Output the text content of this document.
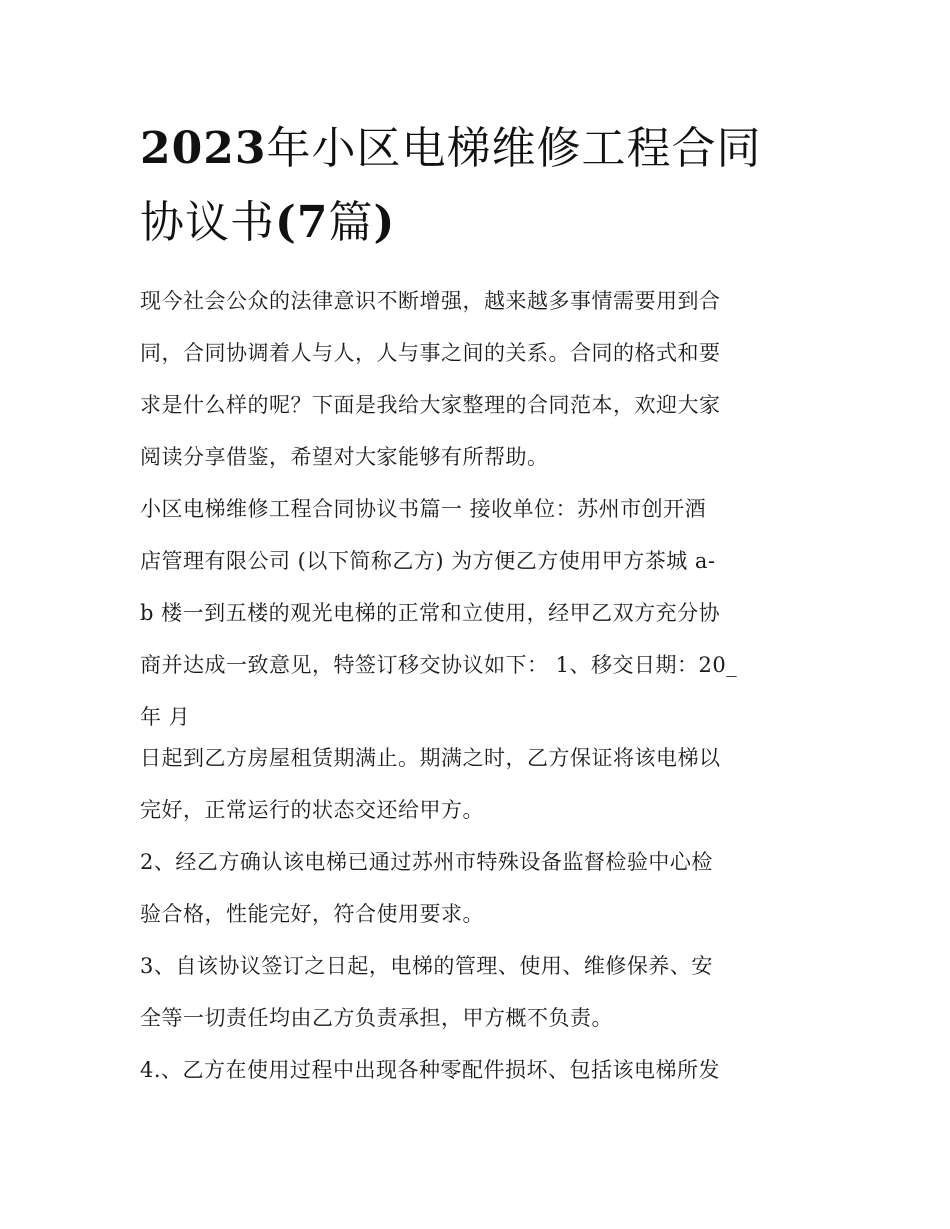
2023年小区电梯维修工程合同
协议书(7篇)
现今社会公众的法律意识不断增强，越来越多事情需要用到合
同，合同协调着人与人，人与事之间的关系。合同的格式和要
求是什么样的呢？下面是我给大家整理的合同范本，欢迎大家
阅读分享借鉴，希望对大家能够有所帮助。
小区电梯维修工程合同协议书篇一 接收单位：苏州市创开酒
店管理有限公司 (以下简称乙方) 为方便乙方使用甲方茶城 a-
b 楼一到五楼的观光电梯的正常和立使用，经甲乙双方充分协
商并达成一致意见，特签订移交协议如下： 1、移交日期：20_
年 月
日起到乙方房屋租赁期满止。期满之时，乙方保证将该电梯以
完好，正常运行的状态交还给甲方。
2、经乙方确认该电梯已通过苏州市特殊设备监督检验中心检
验合格，性能完好，符合使用要求。
3、自该协议签订之日起，电梯的管理、使用、维修保养、安
全等一切责任均由乙方负责承担，甲方概不负责。
4.、乙方在使用过程中出现各种零配件损坏、包括该电梯所发
